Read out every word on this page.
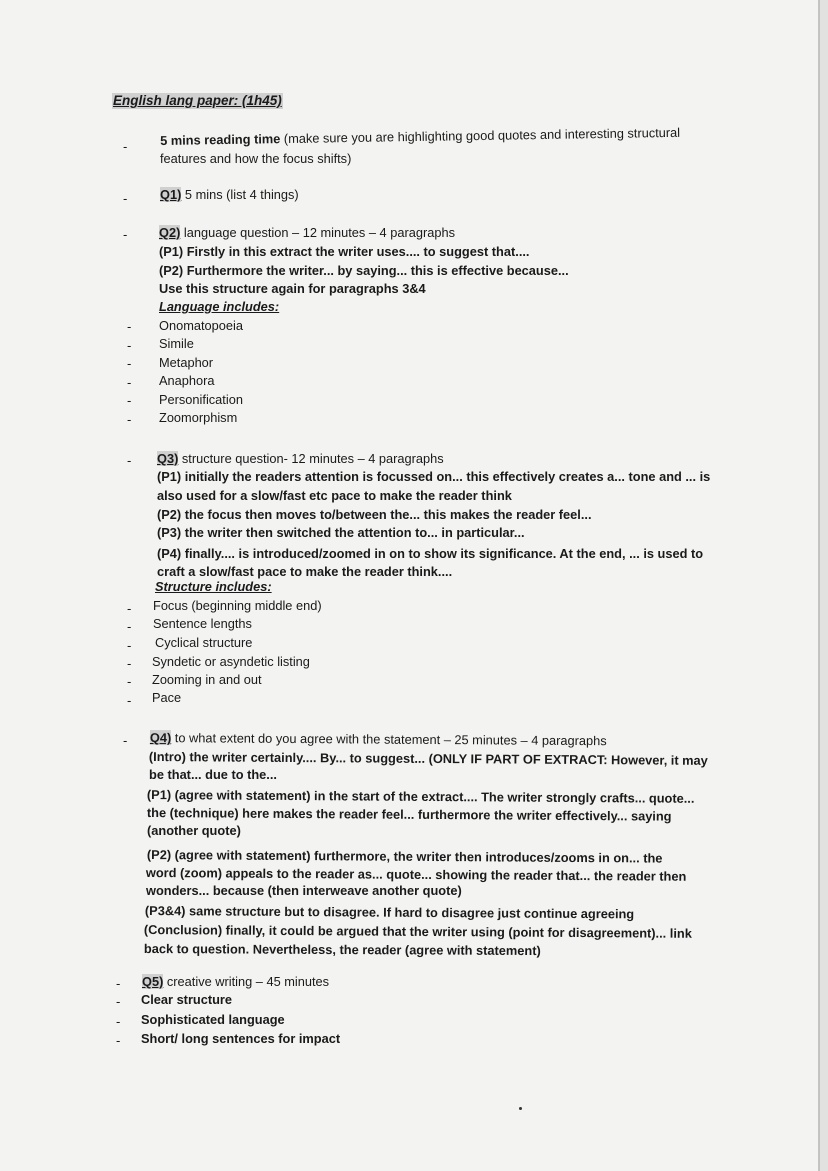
English lang paper: (1h45)
-	5 mins reading time (make sure you are highlighting good quotes and interesting structural
features and how the focus shifts)
-	Q1) 5 mins (list 4 things)
- Q2) language question – 12 minutes – 4 paragraphs
(P1) Firstly in this extract the writer uses.... to suggest that....
(P2) Furthermore the writer... by saying... this is effective because...
Use this structure again for paragraphs 3&4
Language includes:
- Onomatopoeia
- Simile
- Metaphor
- Anaphora
- Personification
- Zoomorphism
- Q3) structure question- 12 minutes – 4 paragraphs
(P1) initially the readers attention is focussed on... this effectively creates a... tone and ... is
also used for a slow/fast etc pace to make the reader think
(P2) the focus then moves to/between the... this makes the reader feel...
(P3) the writer then switched the attention to... in particular...
(P4) finally.... is introduced/zoomed in on to show its significance. At the end, ... is used to
craft a slow/fast pace to make the reader think....
Structure includes:
- Focus (beginning middle end)
- Sentence lengths
- Cyclical structure
- Syndetic or asyndetic listing
- Zooming in and out
- Pace
- Q4) to what extent do you agree with the statement – 25 minutes – 4 paragraphs
(Intro) the writer certainly.... By... to suggest... (ONLY IF PART OF EXTRACT: However, it may
be that... due to the...
(P1) (agree with statement) in the start of the extract.... The writer strongly crafts... quote...
the (technique) here makes the reader feel... furthermore the writer effectively... saying
(another quote)
(P2) (agree with statement) furthermore, the writer then introduces/zooms in on... the
word (zoom) appeals to the reader as... quote... showing the reader that... the reader then
wonders... because (then interweave another quote)
(P3&4) same structure but to disagree. If hard to disagree just continue agreeing
(Conclusion) finally, it could be argued that the writer using (point for disagreement)... link
back to question. Nevertheless, the reader (agree with statement)
- Q5) creative writing – 45 minutes
- Clear structure
- Sophisticated language
- Short/ long sentences for impact
